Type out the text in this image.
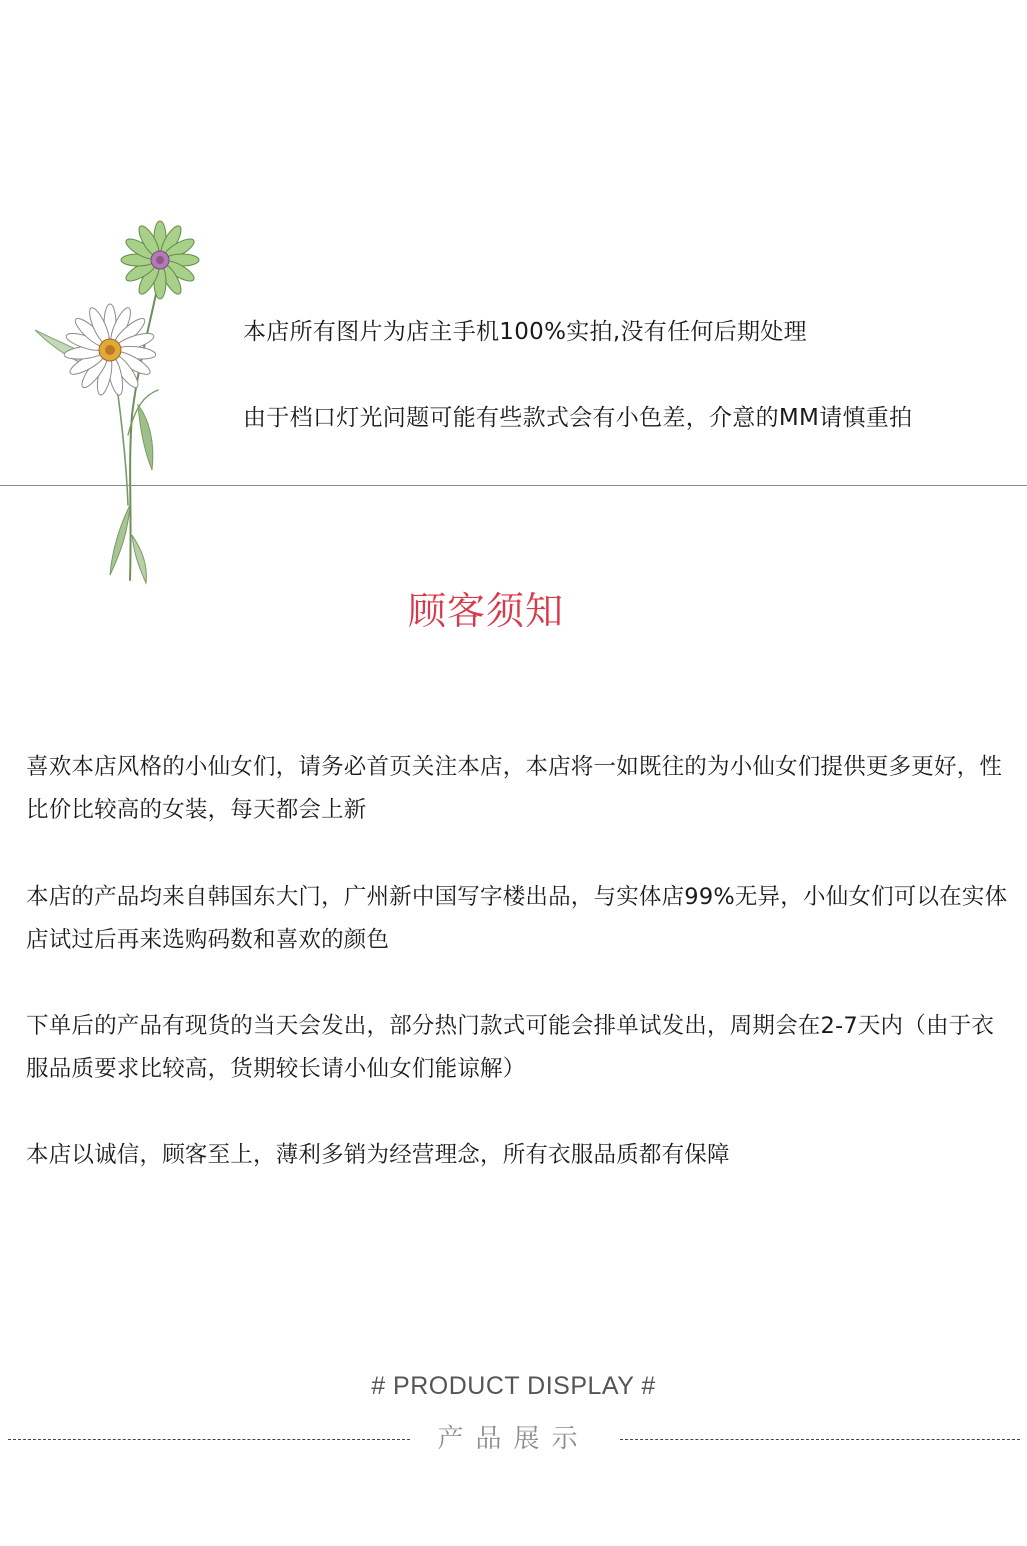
本店所有图片为店主手机100%实拍,没有任何后期处理
由于档口灯光问题可能有些款式会有小色差，介意的MM请慎重拍
顾客须知

喜欢本店风格的小仙女们，请务必首页关注本店，本店将一如既往的为小仙女们提供更多更好，性比价比较高的女装，每天都会上新

本店的产品均来自韩国东大门，广州新中国写字楼出品，与实体店99%无异，小仙女们可以在实体店试过后再来选购码数和喜欢的颜色

下单后的产品有现货的当天会发出，部分热门款式可能会排单试发出，周期会在2-7天内（由于衣服品质要求比较高，货期较长请小仙女们能谅解）

本店以诚信，顾客至上，薄利多销为经营理念，所有衣服品质都有保障

# PRODUCT DISPLAY #
产品展示
